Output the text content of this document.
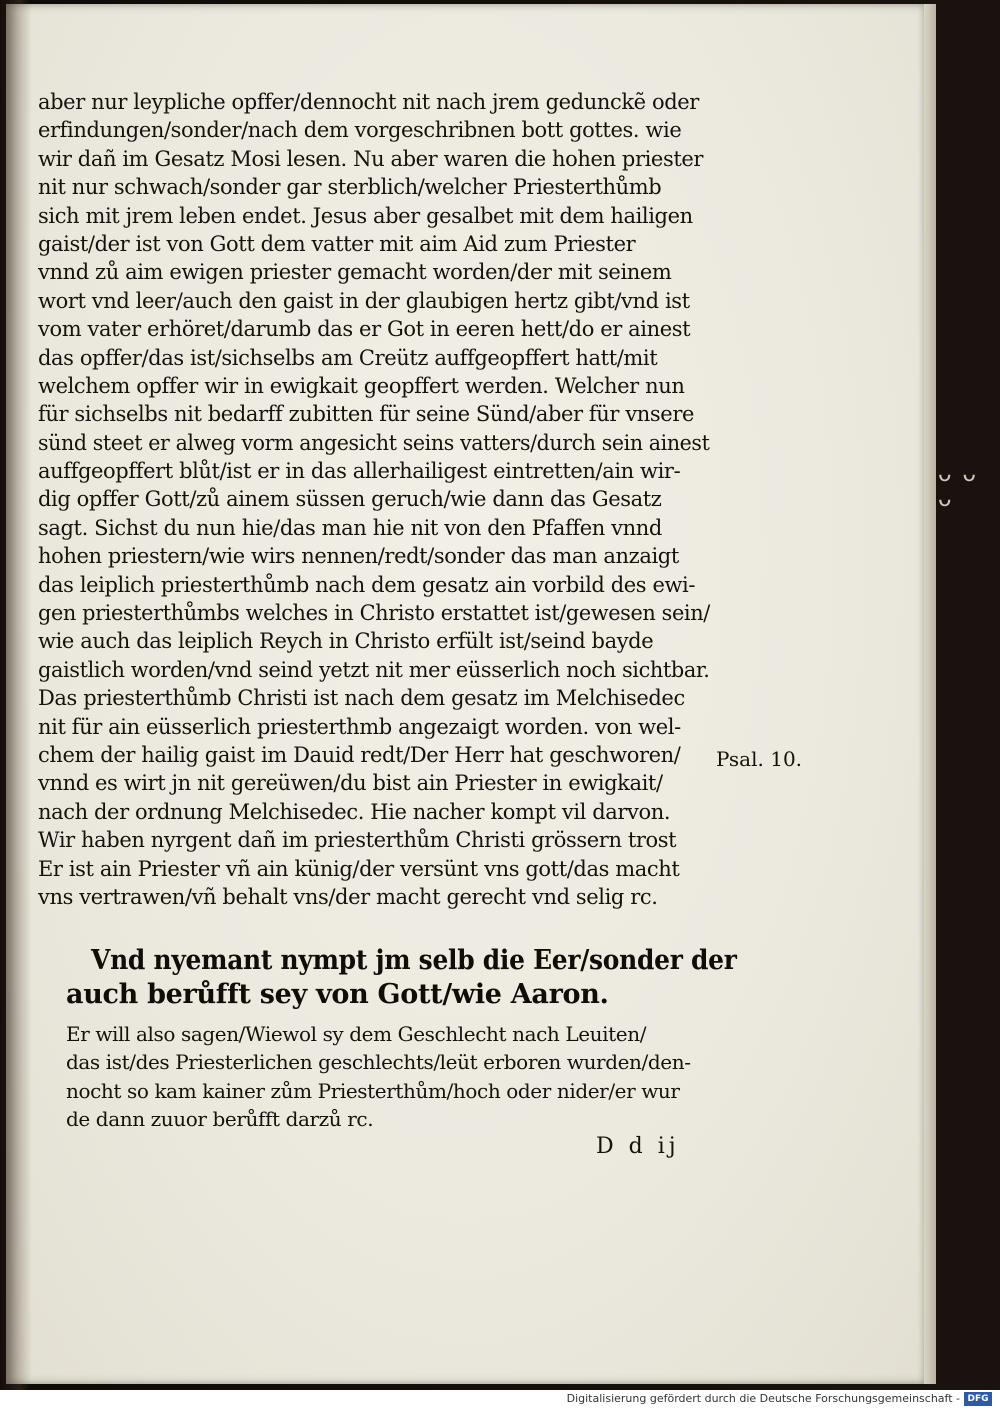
ᴗ ᴗ ᴗ
aber nur leypliche opffer/dennocht nit nach jrem gedunckẽ oder
erfindungen/sonder/nach dem vorgeschribnen bott gottes. wie
wir dañ im Gesatz Mosi lesen. Nu aber waren die hohen priester
nit nur schwach/sonder gar sterblich/welcher Priesterthůmb
sich mit jrem leben endet. Jesus aber gesalbet mit dem hailigen
gaist/der ist von Gott dem vatter mit aim Aid zum Priester
vnnd zů aim ewigen priester gemacht worden/der mit seinem
wort vnd leer/auch den gaist in der glaubigen hertz gibt/vnd ist
vom vater erhöret/darumb das er Got in eeren hett/do er ainest
das opffer/das ist/sichselbs am Creütz auffgeopffert hatt/mit
welchem opffer wir in ewigkait geopffert werden. Welcher nun
für sichselbs nit bedarff zubitten für seine Sünd/aber für vnsere
sünd steet er alweg vorm angesicht seins vatters/durch sein ainest
auffgeopffert blůt/ist er in das allerhailigest eintretten/ain wir-
dig opffer Gott/zů ainem süssen geruch/wie dann das Gesatz
sagt. Sichst du nun hie/das man hie nit von den Pfaffen vnnd
hohen priestern/wie wirs nennen/redt/sonder das man anzaigt
das leiplich priesterthůmb nach dem gesatz ain vorbild des ewi-
gen priesterthůmbs welches in Christo erstattet ist/gewesen sein/
wie auch das leiplich Reych in Christo erfült ist/seind bayde
gaistlich worden/vnd seind yetzt nit mer eüsserlich noch sichtbar.
Das priesterthůmb Christi ist nach dem gesatz im Melchisedec
nit für ain eüsserlich priesterthmb angezaigt worden. von wel-
chem der hailig gaist im Dauid redt/Der Herr hat geschworen/
vnnd es wirt jn nit gereüwen/du bist ain Priester in ewigkait/
nach der ordnung Melchisedec. Hie nacher kompt vil darvon.
Wir haben nyrgent dañ im priesterthům Christi grössern trost
Er ist ain Priester vñ ain künig/der versünt vns gott/das macht
vns vertrawen/vñ behalt vns/der macht gerecht vnd selig rc.
Psal. 10.
Vnd nyemant nympt jm selb die Eer/sonder der
auch berůfft sey von Gott/wie Aaron.
Er will also sagen/Wiewol sy dem Geschlecht nach Leuiten/
das ist/des Priesterlichen geschlechts/leüt erboren wurden/den-
nocht so kam kainer zům Priesterthům/hoch oder nider/er wur
de dann zuuor berůfft darzů rc.
D d ij
Digitalisierung gefördert durch die Deutsche Forschungsgemeinschaft - DFG
